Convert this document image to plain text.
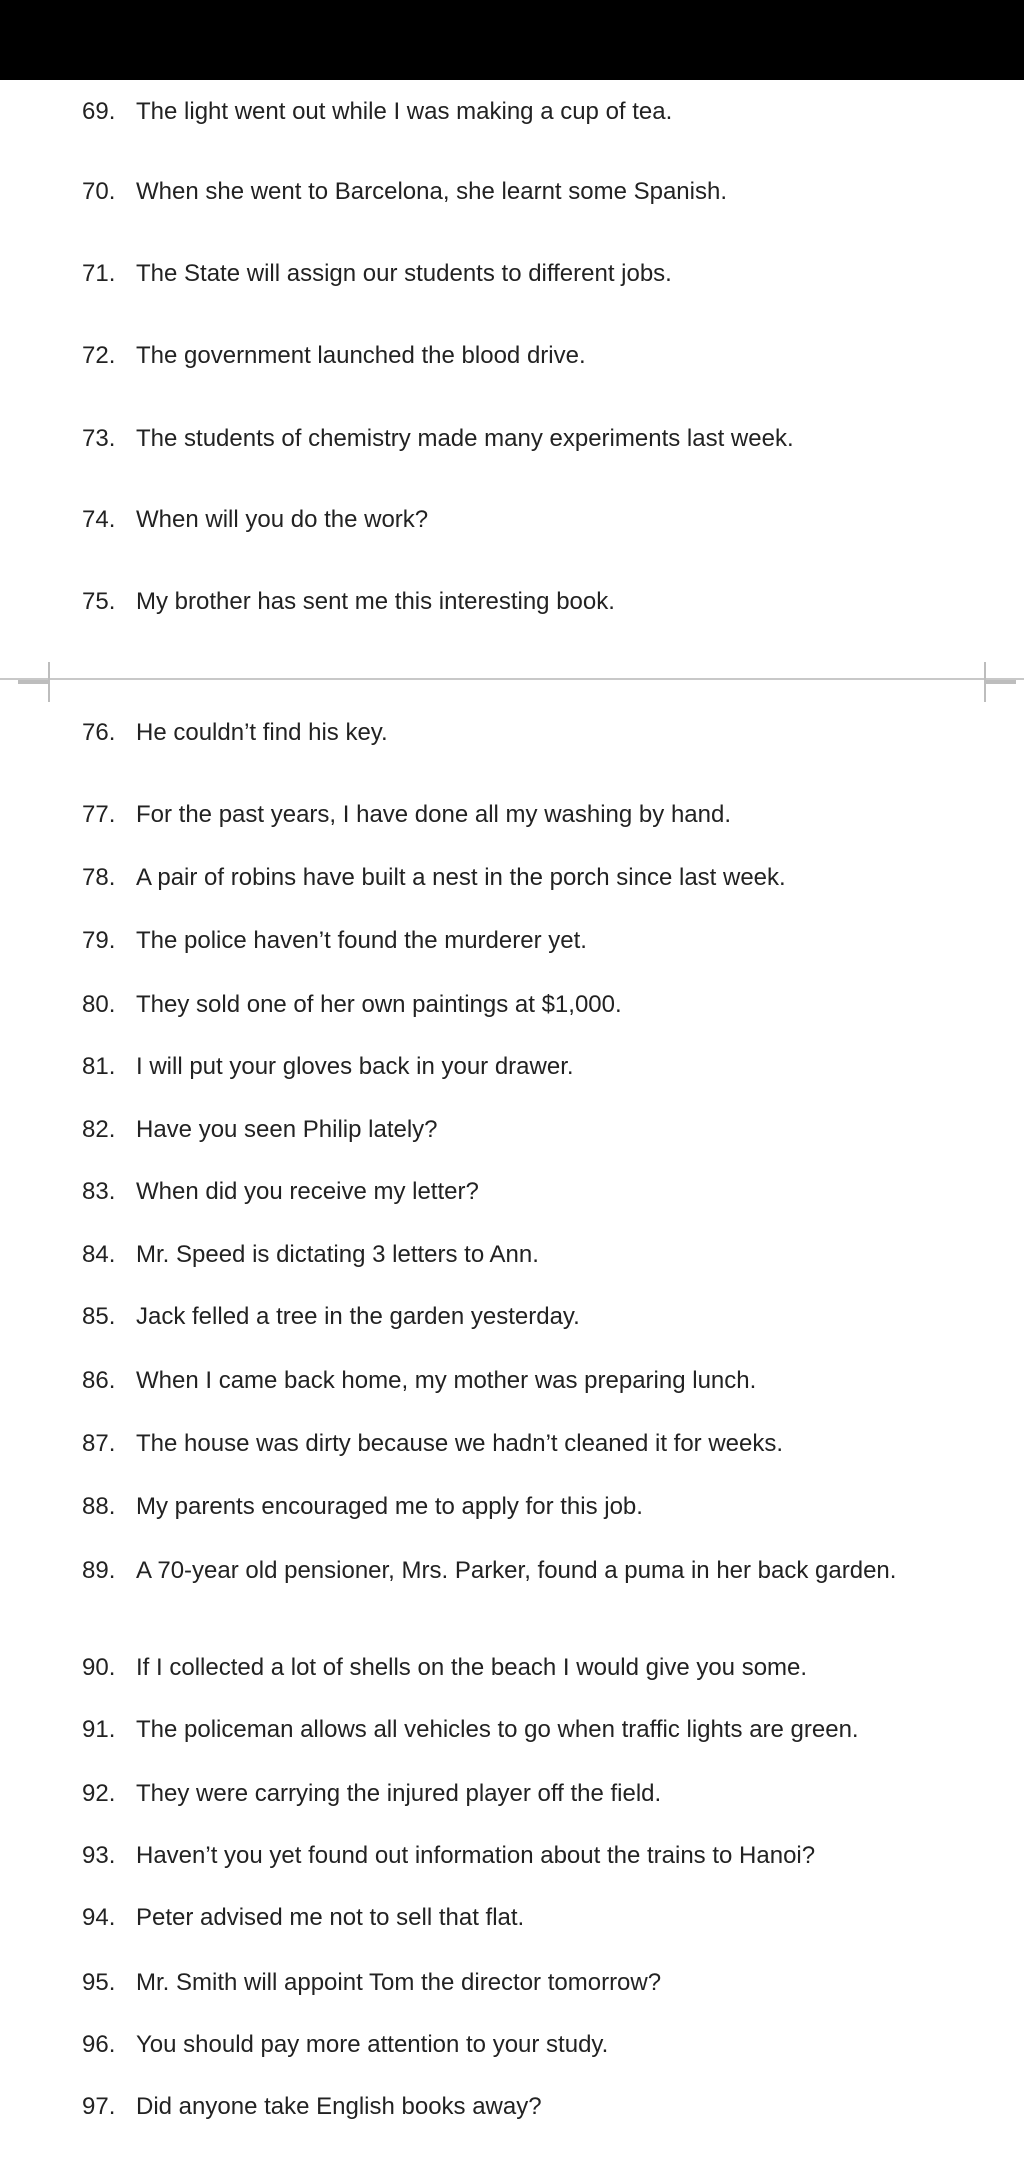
69. The light went out while I was making a cup of tea.
70. When she went to Barcelona, she learnt some Spanish.
71. The State will assign our students to different jobs.
72. The government launched the blood drive.
73. The students of chemistry made many experiments last week.
74. When will you do the work?
75. My brother has sent me this interesting book.
76. He couldn’t find his key.
77. For the past years, I have done all my washing by hand.
78. A pair of robins have built a nest in the porch since last week.
79. The police haven’t found the murderer yet.
80. They sold one of her own paintings at $1,000.
81. I will put your gloves back in your drawer.
82. Have you seen Philip lately?
83. When did you receive my letter?
84. Mr. Speed is dictating 3 letters to Ann.
85. Jack felled a tree in the garden yesterday.
86. When I came back home, my mother was preparing lunch.
87. The house was dirty because we hadn’t cleaned it for weeks.
88. My parents encouraged me to apply for this job.
89. A 70-year old pensioner, Mrs. Parker, found a puma in her back garden.
90. If I collected a lot of shells on the beach I would give you some.
91. The policeman allows all vehicles to go when traffic lights are green.
92. They were carrying the injured player off the field.
93. Haven’t you yet found out information about the trains to Hanoi?
94. Peter advised me not to sell that flat.
95. Mr. Smith will appoint Tom the director tomorrow?
96. You should pay more attention to your study.
97. Did anyone take English books away?
